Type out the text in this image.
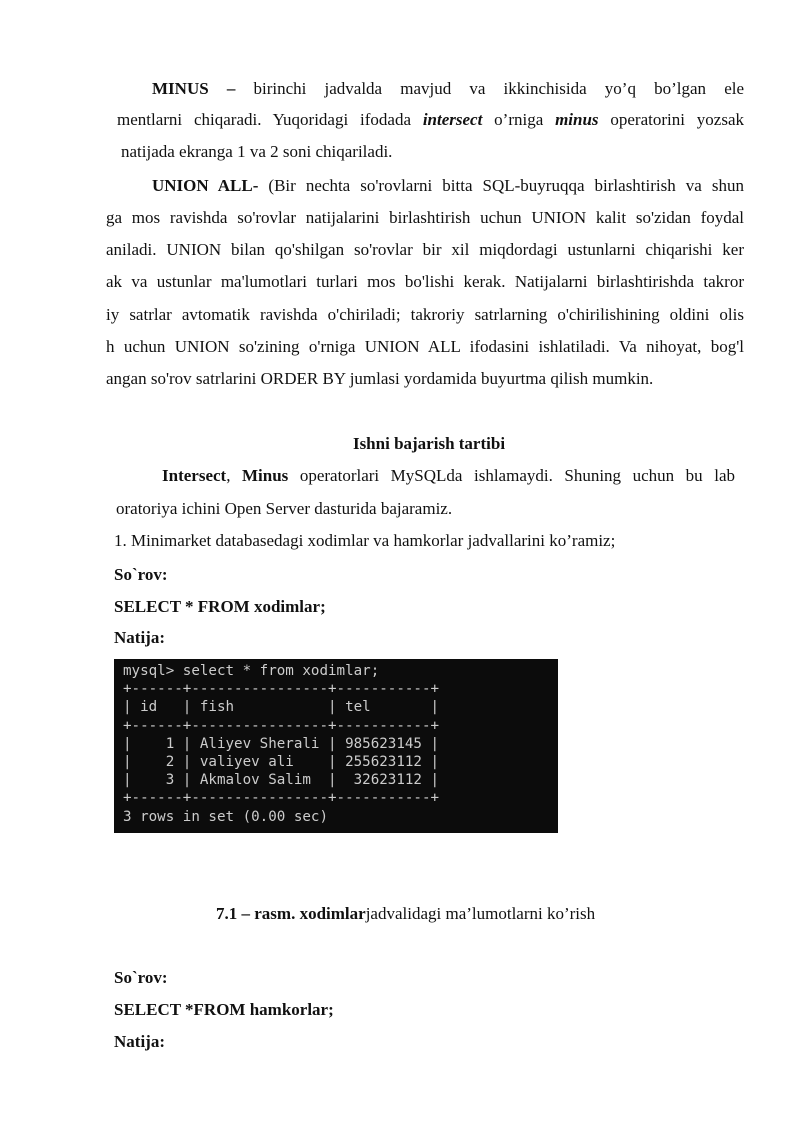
MINUS – birinchi jadvalda mavjud va ikkinchisida yo’q bo’lgan ele
mentlarni chiqaradi. Yuqoridagi ifodada intersect o’rniga minus operatorini yozsak
natijada ekranga 1 va 2 soni chiqariladi.
UNION ALL- (Bir nechta so'rovlarni bitta SQL-buyruqqa birlashtirish va shun
ga mos ravishda so'rovlar natijalarini birlashtirish uchun UNION kalit so'zidan foydal
aniladi. UNION bilan qo'shilgan so'rovlar bir xil miqdordagi ustunlarni chiqarishi ker
ak va ustunlar ma'lumotlari turlari mos bo'lishi kerak. Natijalarni birlashtirishda takror
iy satrlar avtomatik ravishda o'chiriladi; takroriy satrlarning o'chirilishining oldini olis
h uchun UNION so'zining o'rniga UNION ALL ifodasini ishlatiladi. Va nihoyat, bog'l
angan so'rov satrlarini ORDER BY jumlasi yordamida buyurtma qilish mumkin.
Ishni bajarish tartibi
Intersect, Minus operatorlari MySQLda ishlamaydi. Shuning uchun bu lab
oratoriya ichini Open Server dasturida bajaramiz.
1. Minimarket databasedagi xodimlar va hamkorlar jadvallarini ko’ramiz;
So`rov:
SELECT * FROM xodimlar;
Natija:
mysql> select * from xodimlar;
+------+----------------+-----------+
| id   | fish           | tel       |
+------+----------------+-----------+
|    1 | Aliyev Sherali | 985623145 |
|    2 | valiyev ali    | 255623112 |
|    3 | Akmalov Salim  |  32623112 |
+------+----------------+-----------+
3 rows in set (0.00 sec)
7.1 – rasm. xodimlarjadvalidagi ma’lumotlarni ko’rish
So`rov:
SELECT *FROM hamkorlar;
Natija:
